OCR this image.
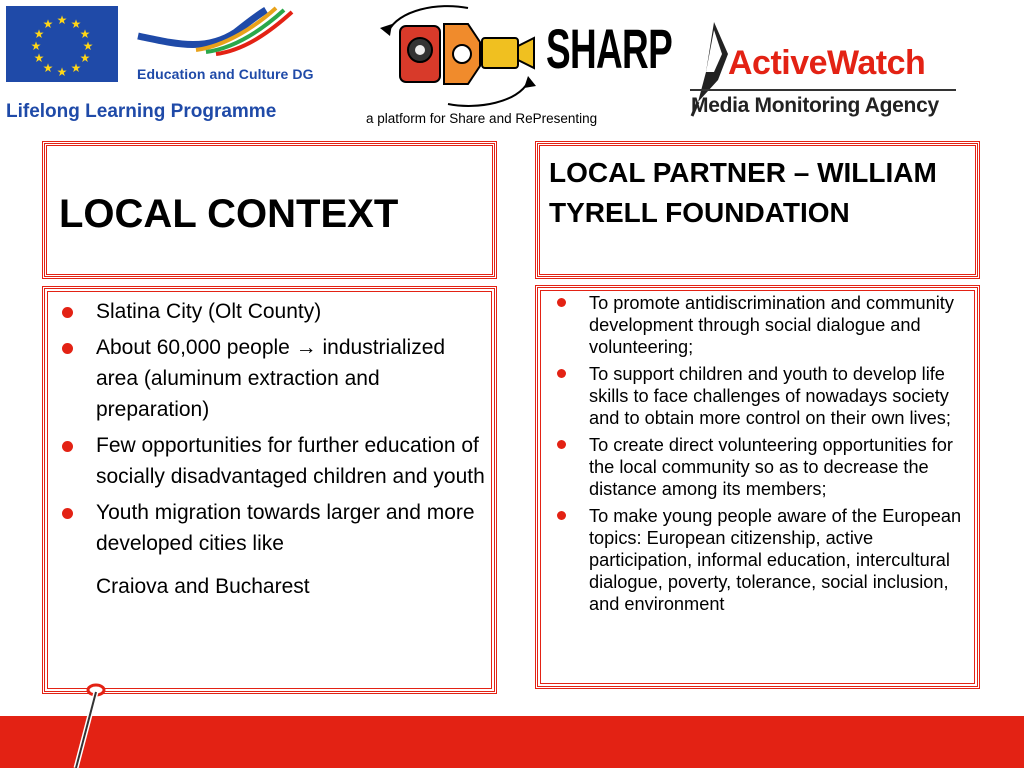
★ ★
★
★
★
★
★
★
★
★
★
★
Education and Culture DG
Lifelong Learning Programme
SHARP
a platform for Share and RePresenting
ActiveWatch
Media Monitoring Agency
LOCAL CONTEXT
LOCAL PARTNER – WILLIAM TYRELL FOUNDATION
Slatina City (Olt County)
About 60,000 people → industrialized area (aluminum extraction and preparation)
Few opportunities for further education of socially disadvantaged children and youth
Youth migration towards larger and more developed cities like
Craiova and Bucharest
To promote antidiscrimination and community development through social dialogue and volunteering;
To support children and youth to develop life skills to face challenges of nowadays society and to obtain more control on their own lives;
To create direct volunteering opportunities for the local community so as to decrease the distance among its members;
To make young people aware of the European topics: European citizenship, active participation, informal education, intercultural dialogue, poverty, tolerance, social inclusion, and environment
